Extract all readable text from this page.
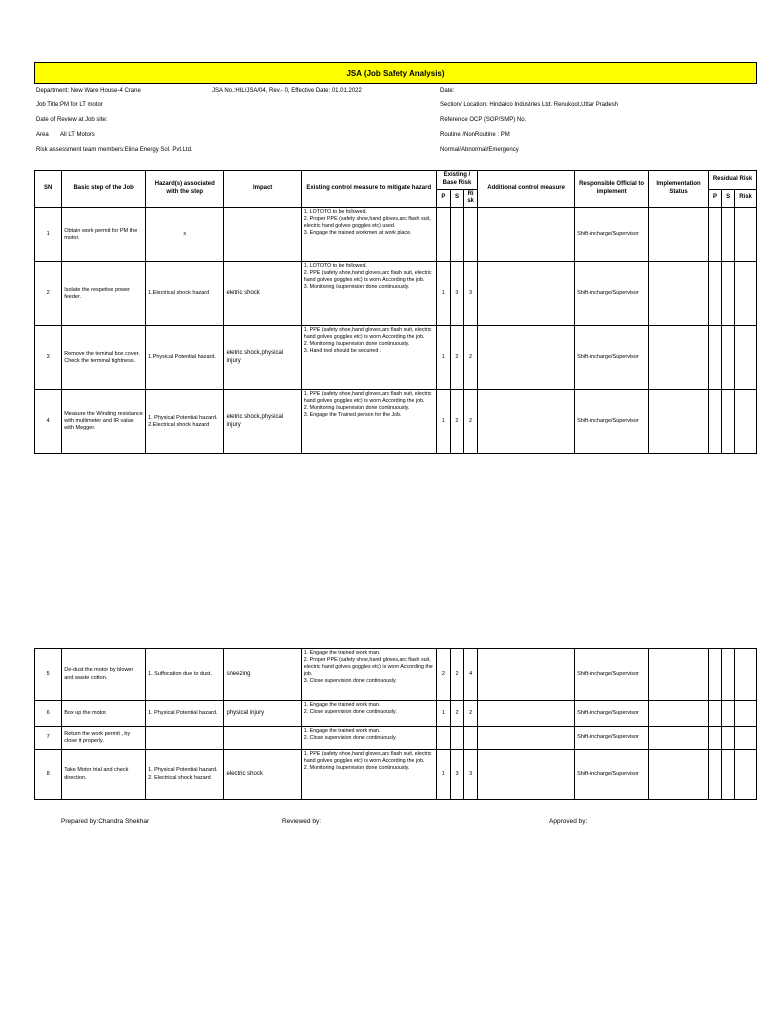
JSA (Job Safety Analysis)
Department: New Ware House-4 Crane	JSA No.:HIL/JSA/04, Rev.- 0, Effective Date: 01.01.2022	Date:
Job Title:PM for LT motor	Section/ Location: Hindalco Industries Ltd. Renukoot,Uttar Pradesh
Date of Review at Job site:	Reference OCP (SOP/SMP) No.
Area All LT Motors	Routine /NonRoutine : PM
Risk assessment team members:Elina Energy Sol. Pvt.Ltd.	Normal/Abnormal/Emergency
SN	Basic step of the Job	Hazard(s) associated with the step	Impact	Existing control measure to mitigate hazard	Existing / Base Risk			Additional control measure	Responsible Official to implement	Implementation Status	Residual Risk		
					P	S	Risk				P	S	Risk
1	Obtain work permit for PM the motor.	x		1. LOTOTO to be followed.
2. Proper PPE (safety shoe,hand gloves,arc flash suit, electric hand golves goggles etc) used.
3. Engage the trained workmen at work place.					Shift-incharge/Supervisor				
2	Isolate the respetive power feeder.	1.Electrical shock hazard	eletric shock	1. LOTOTO to be followed.
2. PPE (safety shoe,hand gloves,arc flash suit, electric hand golves goggles etc) is worn According the job.
3. Monitoring /supervision done continuously.	1	3	3		Shift-incharge/Supervisor				
3	Remove the teminal box cover. Check the terminal tightness.	1.Physical Potential hazard.	eletric shock,physical injury	1. PPE (safety shoe,hand gloves,arc flash suit, electric hand golves goggles etc) is worn According the job.
2. Monitoring /supervision done continuously.
3. Hand tool should be secuired .	1	2	2		Shift-incharge/Supervisor				
4	Measure the Winding resistance with multimeter and IR value with Megger.	1. Physical Potential hazard.
2.Electrical shock hazard	eletric shock,physical injury	1. PPE (safety shoe,hand gloves,arc flash suit, electric hand golves goggles etc) is worn According the job.
2. Monitoring /supervision done continuously.
3. Engage the Trained person for the Job.	1	2	2		Shift-incharge/Supervisor				
5	De-dust the motor by blower and waste cotton.	1. Suffocation due to dust.	sneezing	1. Engage the trained work man.
2. Proper PPE (safety shoe,hand gloves,arc flash suit, electric hand golves goggles etc) is worn According the job.
3. Close supervision done continuously.	2	2	4		Shift-incharge/Supervisor				
6	Box up the motor.	1. Physical Potential hazard.	physical injury	1. Engage the trained work man.
2. Close supervision done continuously.	1	2	2		Shift-incharge/Supervisor				
7	Return the work permit , by close it properly.			1. Engage the trained work man.
2. Close supervision done continuously.					Shift-incharge/Supervisor				
8	Take Motor trial and check direction.	1. Physical Potential hazard.
2. Electrical shock hazard	electric shock	1. PPE (safety shoe,hand gloves,arc flash suit, electric hand golves goggles etc) is worn According the job.
2. Monitoring /supervision done continuously.	1	3	3		Shift-incharge/Supervisor				
Prepared by:Chandra Shekhar	Reviewed by:	Approved by:
